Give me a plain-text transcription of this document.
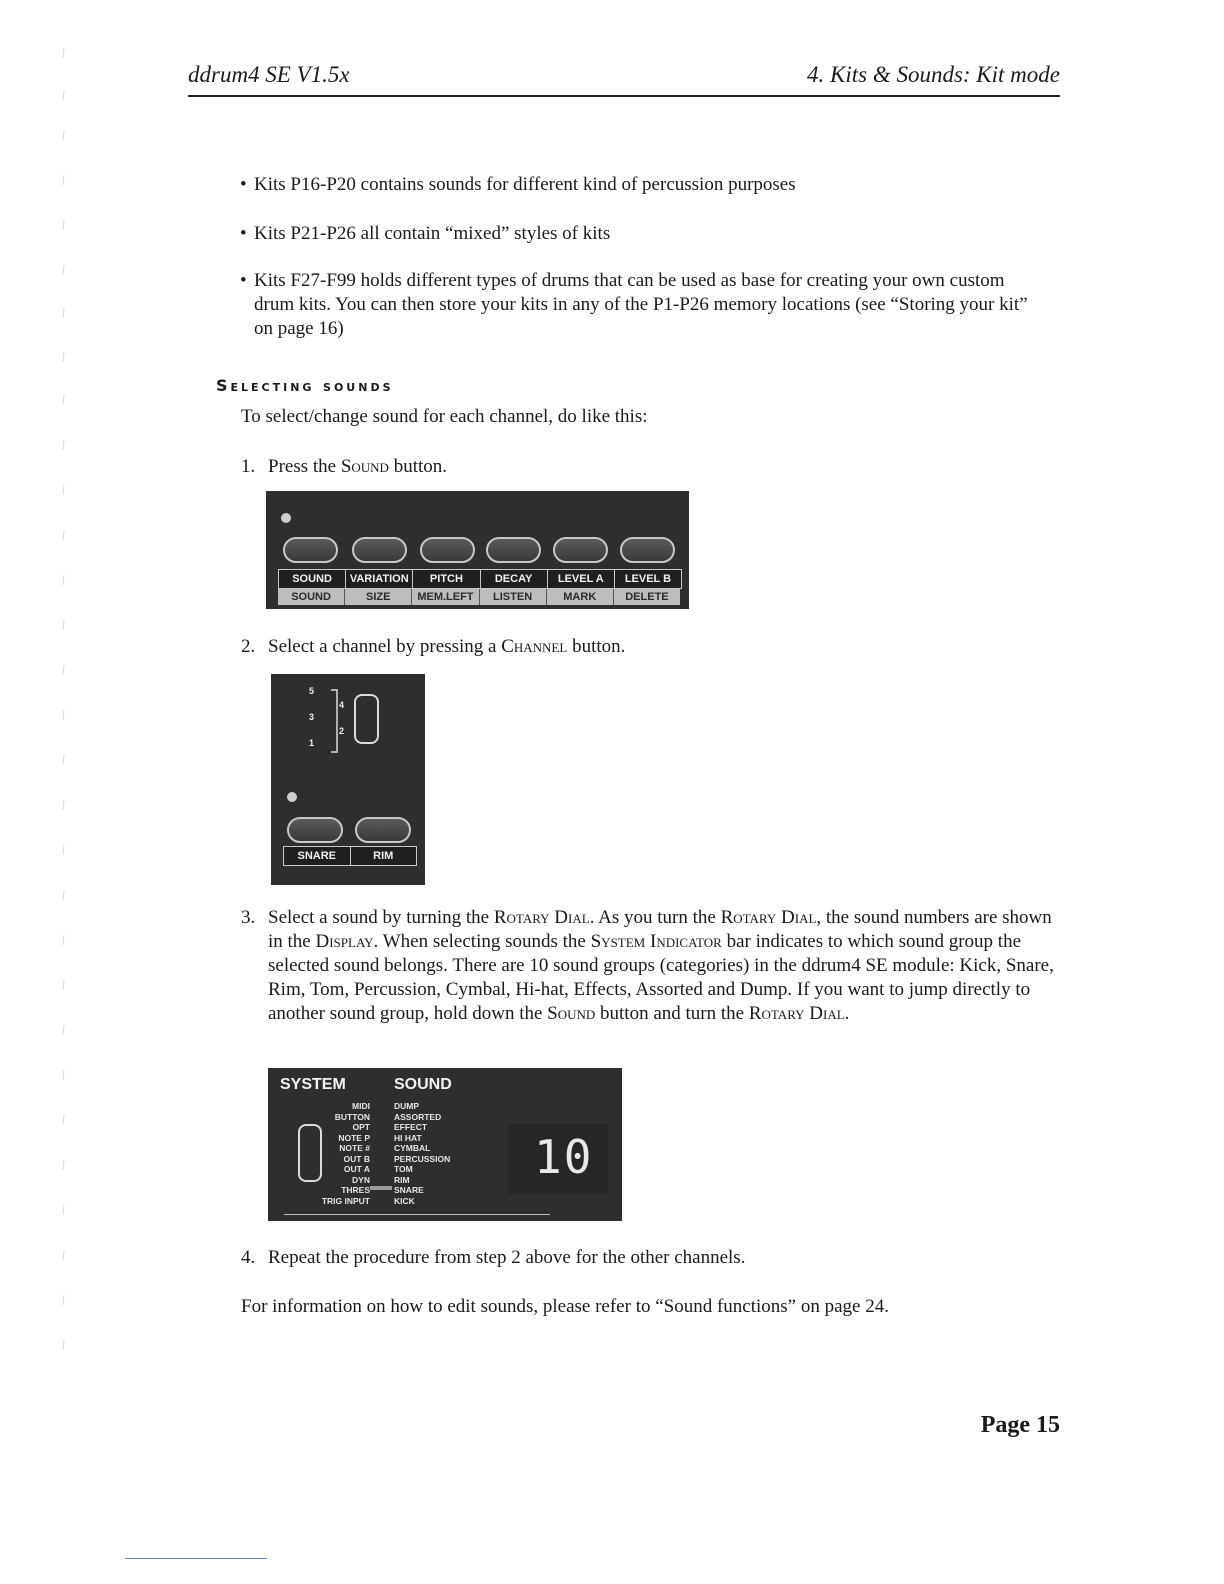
ddrum4 SE V1.5x	4. Kits & Sounds: Kit mode
• Kits P16-P20 contains sounds for different kind of percussion purposes
• Kits P21-P26 all contain “mixed” styles of kits
• Kits F27-F99 holds different types of drums that can be used as base for creating your own custom drum kits. You can then store your kits in any of the P1-P26 memory locations (see “Storing your kit” on page 16)
Selecting sounds
To select/change sound for each channel, do like this:
1. Press the Sound button.
SOUND	VARIATION	PITCH	DECAY	LEVEL A	LEVEL B
SOUND	SIZE	MEM.LEFT	LISTEN	MARK	DELETE
2. Select a channel by pressing a Channel button.
5
3
1
4
2
SNARE	RIM
3. Select a sound by turning the Rotary Dial. As you turn the Rotary Dial, the sound numbers are shown in the Display. When selecting sounds the System Indicator bar indicates to which sound group the selected sound belongs. There are 10 sound groups (categories) in the ddrum4 SE module: Kick, Snare, Rim, Tom, Percussion, Cymbal, Hi-hat, Effects, Assorted and Dump. If you want to jump directly to another sound group, hold down the Sound button and turn the Rotary Dial.
SYSTEM	SOUND
MIDI
BUTTON
OPT
NOTE P
NOTE #
OUT B
OUT A
DYN
THRES
TRIG INPUT
DUMP
ASSORTED
EFFECT
HI HAT
CYMBAL
PERCUSSION
TOM
RIM
SNARE
KICK
10
4. Repeat the procedure from step 2 above for the other channels.
For information on how to edit sounds, please refer to “Sound functions” on page 24.
Page 15
